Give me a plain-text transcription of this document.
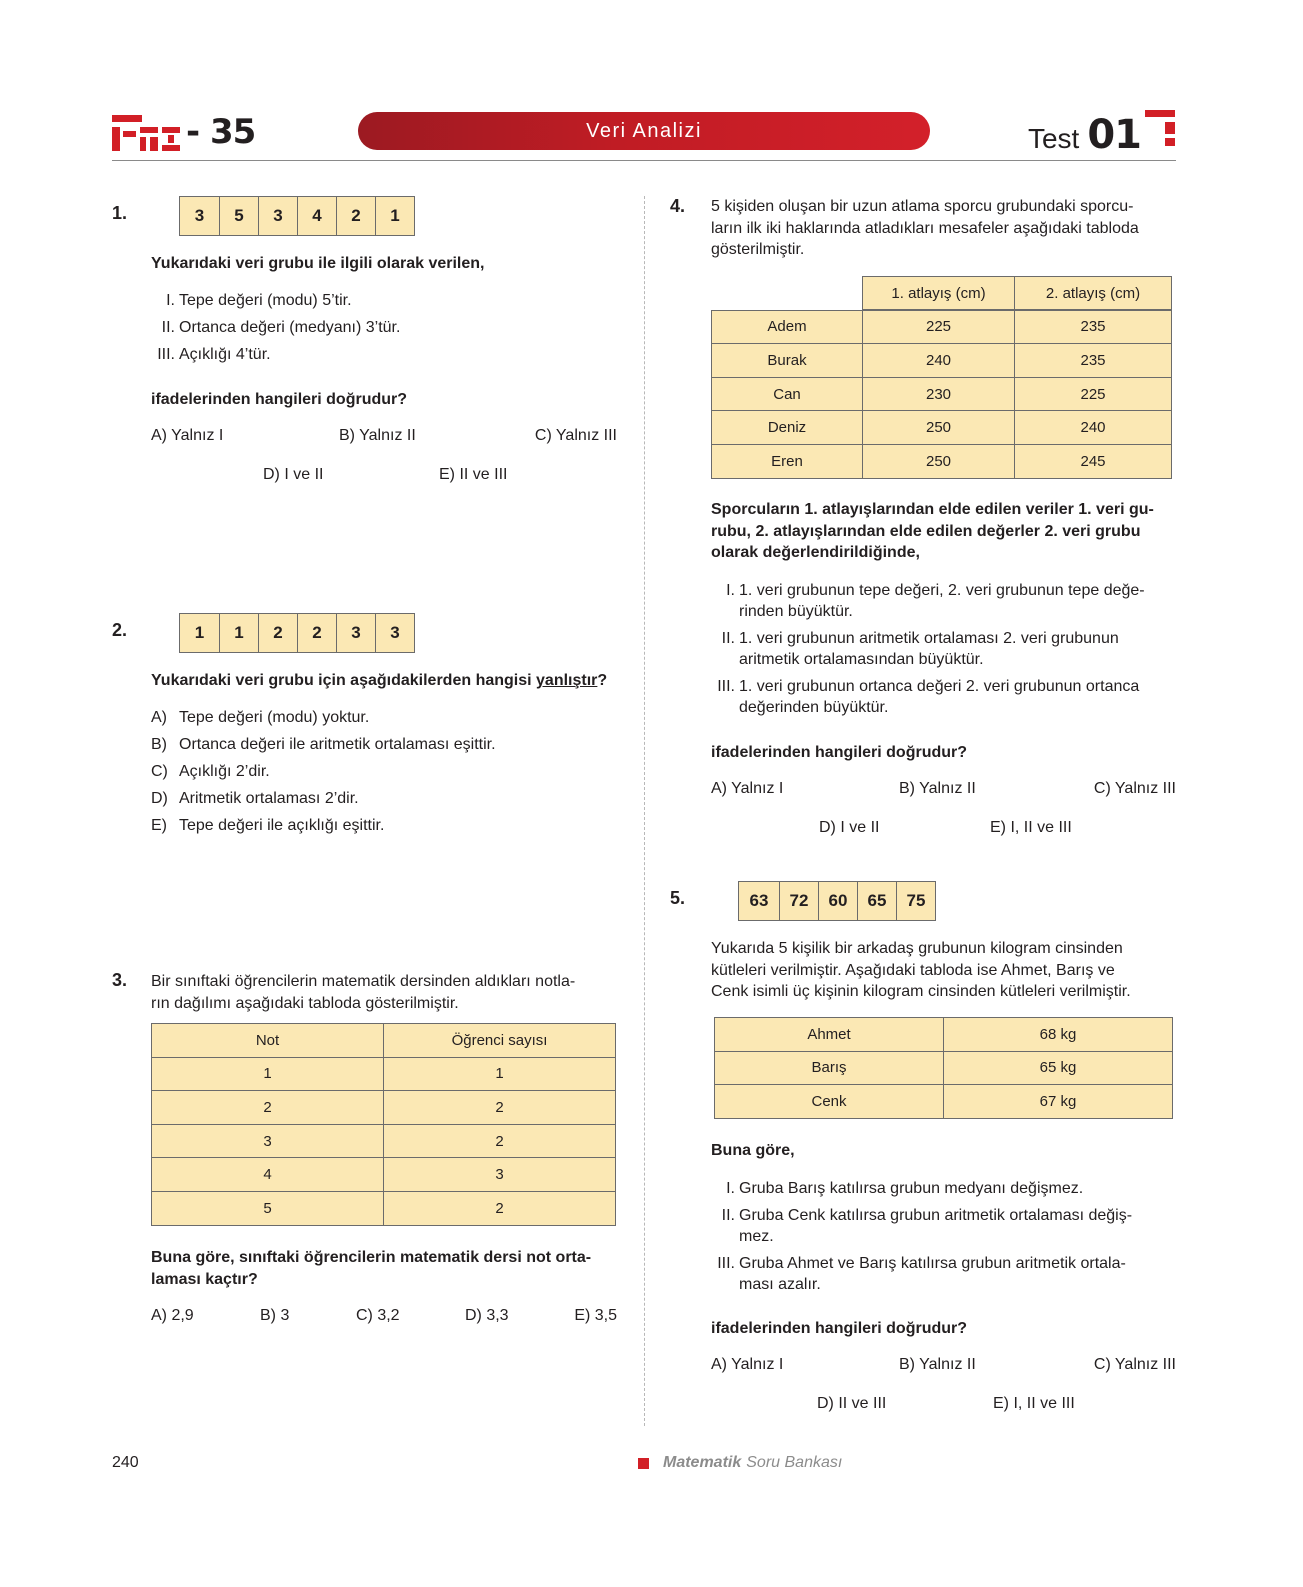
- 35	Veri Analizi	Test 01
1.	3	5	3	4	2	1

Yukarıdaki veri grubu ile ilgili olarak verilen,

I. Tepe değeri (modu) 5’tir.
II. Ortanca değeri (medyanı) 3’tür.
III. Açıklığı 4’tür.

ifadelerinden hangileri doğrudur?

A) Yalnız I	B) Yalnız II	C) Yalnız III
D) I ve II	E) II ve III
2.	1	1	2	2	3	3

Yukarıdaki veri grubu için aşağıdakilerden hangisi yanlıştır?

A) Tepe değeri (modu) yoktur.
B) Ortanca değeri ile aritmetik ortalaması eşittir.
C) Açıklığı 2’dir.
D) Aritmetik ortalaması 2’dir.
E) Tepe değeri ile açıklığı eşittir.
3. Bir sınıftaki öğrencilerin matematik dersinden aldıkları notla-
rın dağılımı aşağıdaki tabloda gösterilmiştir.
Not	Öğrenci sayısı
1	1
2	2
3	2
4	3
5	2
Buna göre, sınıftaki öğrencilerin matematik dersi not orta-
laması kaçtır?
A) 2,9	B) 3	C) 3,2	D) 3,3	E) 3,5
4. 5 kişiden oluşan bir uzun atlama sporcu grubundaki sporcu-
ların ilk iki haklarında atladıkları mesafeler aşağıdaki tabloda
gösterilmiştir.
	1. atlayış (cm)	2. atlayış (cm)
Adem	225	235
Burak	240	235
Can	230	225
Deniz	250	240
Eren	250	245
Sporcuların 1. atlayışlarından elde edilen veriler 1. veri gu-
rubu, 2. atlayışlarından elde edilen değerler 2. veri grubu
olarak değerlendirildiğinde,
I. 1. veri grubunun tepe değeri, 2. veri grubunun tepe değe-
rinden büyüktür.
II. 1. veri grubunun aritmetik ortalaması 2. veri grubunun
aritmetik ortalamasından büyüktür.
III. 1. veri grubunun ortanca değeri 2. veri grubunun ortanca
değerinden büyüktür.

ifadelerinden hangileri doğrudur?

A) Yalnız I	B) Yalnız II	C) Yalnız III
D) I ve II	E) I, II ve III
5.	63	72	60	65	75
Yukarıda 5 kişilik bir arkadaş grubunun kilogram cinsinden
kütleleri verilmiştir. Aşağıdaki tabloda ise Ahmet, Barış ve
Cenk isimli üç kişinin kilogram cinsinden kütleleri verilmiştir.
Ahmet	68 kg
Barış	65 kg
Cenk	67 kg

Buna göre,

I. Gruba Barış katılırsa grubun medyanı değişmez.
II. Gruba Cenk katılırsa grubun aritmetik ortalaması değiş-
mez.
III. Gruba Ahmet ve Barış katılırsa grubun aritmetik ortala-
ması azalır.

ifadelerinden hangileri doğrudur?

A) Yalnız I	B) Yalnız II	C) Yalnız III
D) II ve III	E) I, II ve III
240	Matematik Soru Bankası
